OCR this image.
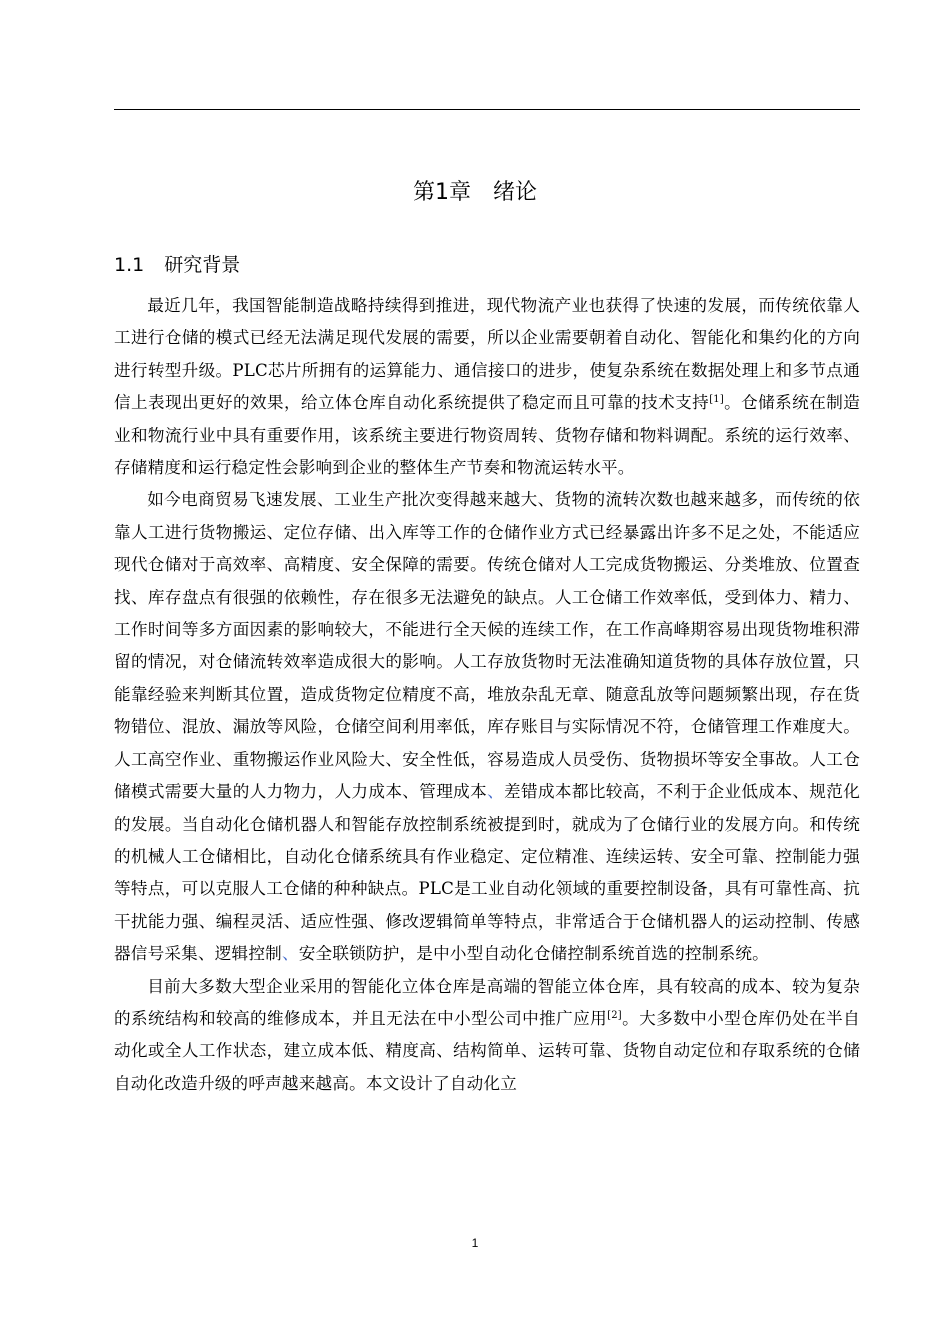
第1章 绪论
1.1 研究背景

最近几年，我国智能制造战略持续得到推进，现代物流产业也获得了快速的发展，而传统依靠人工进行仓储的模式已经无法满足现代发展的需要，所以企业需要朝着自动化、智能化和集约化的方向进行转型升级。PLC芯片所拥有的运算能力、通信接口的进步，使复杂系统在数据处理上和多节点通信上表现出更好的效果，给立体仓库自动化系统提供了稳定而且可靠的技术支持[1]。仓储系统在制造业和物流行业中具有重要作用，该系统主要进行物资周转、货物存储和物料调配。系统的运行效率、存储精度和运行稳定性会影响到企业的整体生产节奏和物流运转水平。

如今电商贸易飞速发展、工业生产批次变得越来越大、货物的流转次数也越来越多，而传统的依靠人工进行货物搬运、定位存储、出入库等工作的仓储作业方式已经暴露出许多不足之处，不能适应现代仓储对于高效率、高精度、安全保障的需要。传统仓储对人工完成货物搬运、分类堆放、位置查找、库存盘点有很强的依赖性，存在很多无法避免的缺点。人工仓储工作效率低，受到体力、精力、工作时间等多方面因素的影响较大，不能进行全天候的连续工作，在工作高峰期容易出现货物堆积滞留的情况，对仓储流转效率造成很大的影响。人工存放货物时无法准确知道货物的具体存放位置，只能靠经验来判断其位置，造成货物定位精度不高，堆放杂乱无章、随意乱放等问题频繁出现，存在货物错位、混放、漏放等风险，仓储空间利用率低，库存账目与实际情况不符，仓储管理工作难度大。人工高空作业、重物搬运作业风险大、安全性低，容易造成人员受伤、货物损坏等安全事故。人工仓储模式需要大量的人力物力，人力成本、管理成本、差错成本都比较高，不利于企业低成本、规范化的发展。当自动化仓储机器人和智能存放控制系统被提到时，就成为了仓储行业的发展方向。和传统的机械人工仓储相比，自动化仓储系统具有作业稳定、定位精准、连续运转、安全可靠、控制能力强等特点，可以克服人工仓储的种种缺点。PLC是工业自动化领域的重要控制设备，具有可靠性高、抗干扰能力强、编程灵活、适应性强、修改逻辑简单等特点，非常适合于仓储机器人的运动控制、传感器信号采集、逻辑控制、安全联锁防护，是中小型自动化仓储控制系统首选的控制系统。

目前大多数大型企业采用的智能化立体仓库是高端的智能立体仓库，具有较高的成本、较为复杂的系统结构和较高的维修成本，并且无法在中小型公司中推广应用[2]。大多数中小型仓库仍处在半自动化或全人工作状态，建立成本低、精度高、结构简单、运转可靠、货物自动定位和存取系统的仓储自动化改造升级的呼声越来越高。本文设计了自动化立

1
